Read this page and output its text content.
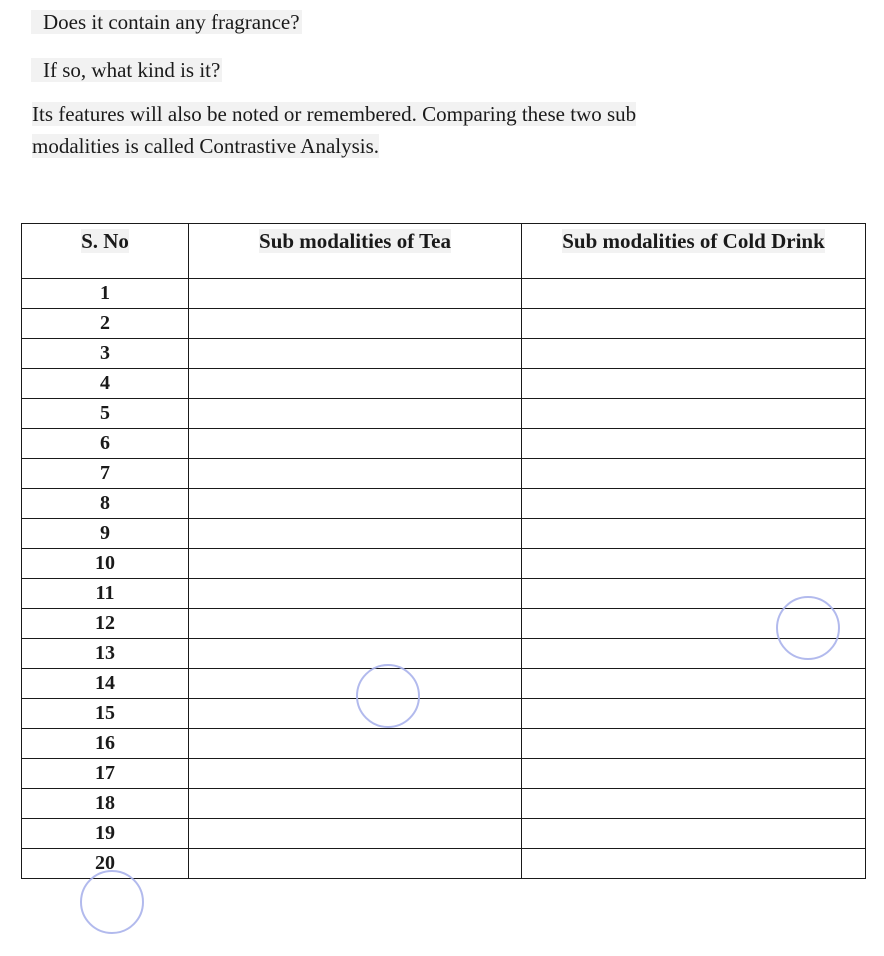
Does it contain any fragrance?
If so, what kind is it?
Its features will also be noted or remembered. Comparing these two sub
modalities is called Contrastive Analysis.
S. No	Sub modalities of Tea	Sub modalities of Cold Drink
1		
2		
3		
4		
5		
6		
7		
8		
9		
10		
11		
12		
13		
14		
15		
16		
17		
18		
19		
20		
